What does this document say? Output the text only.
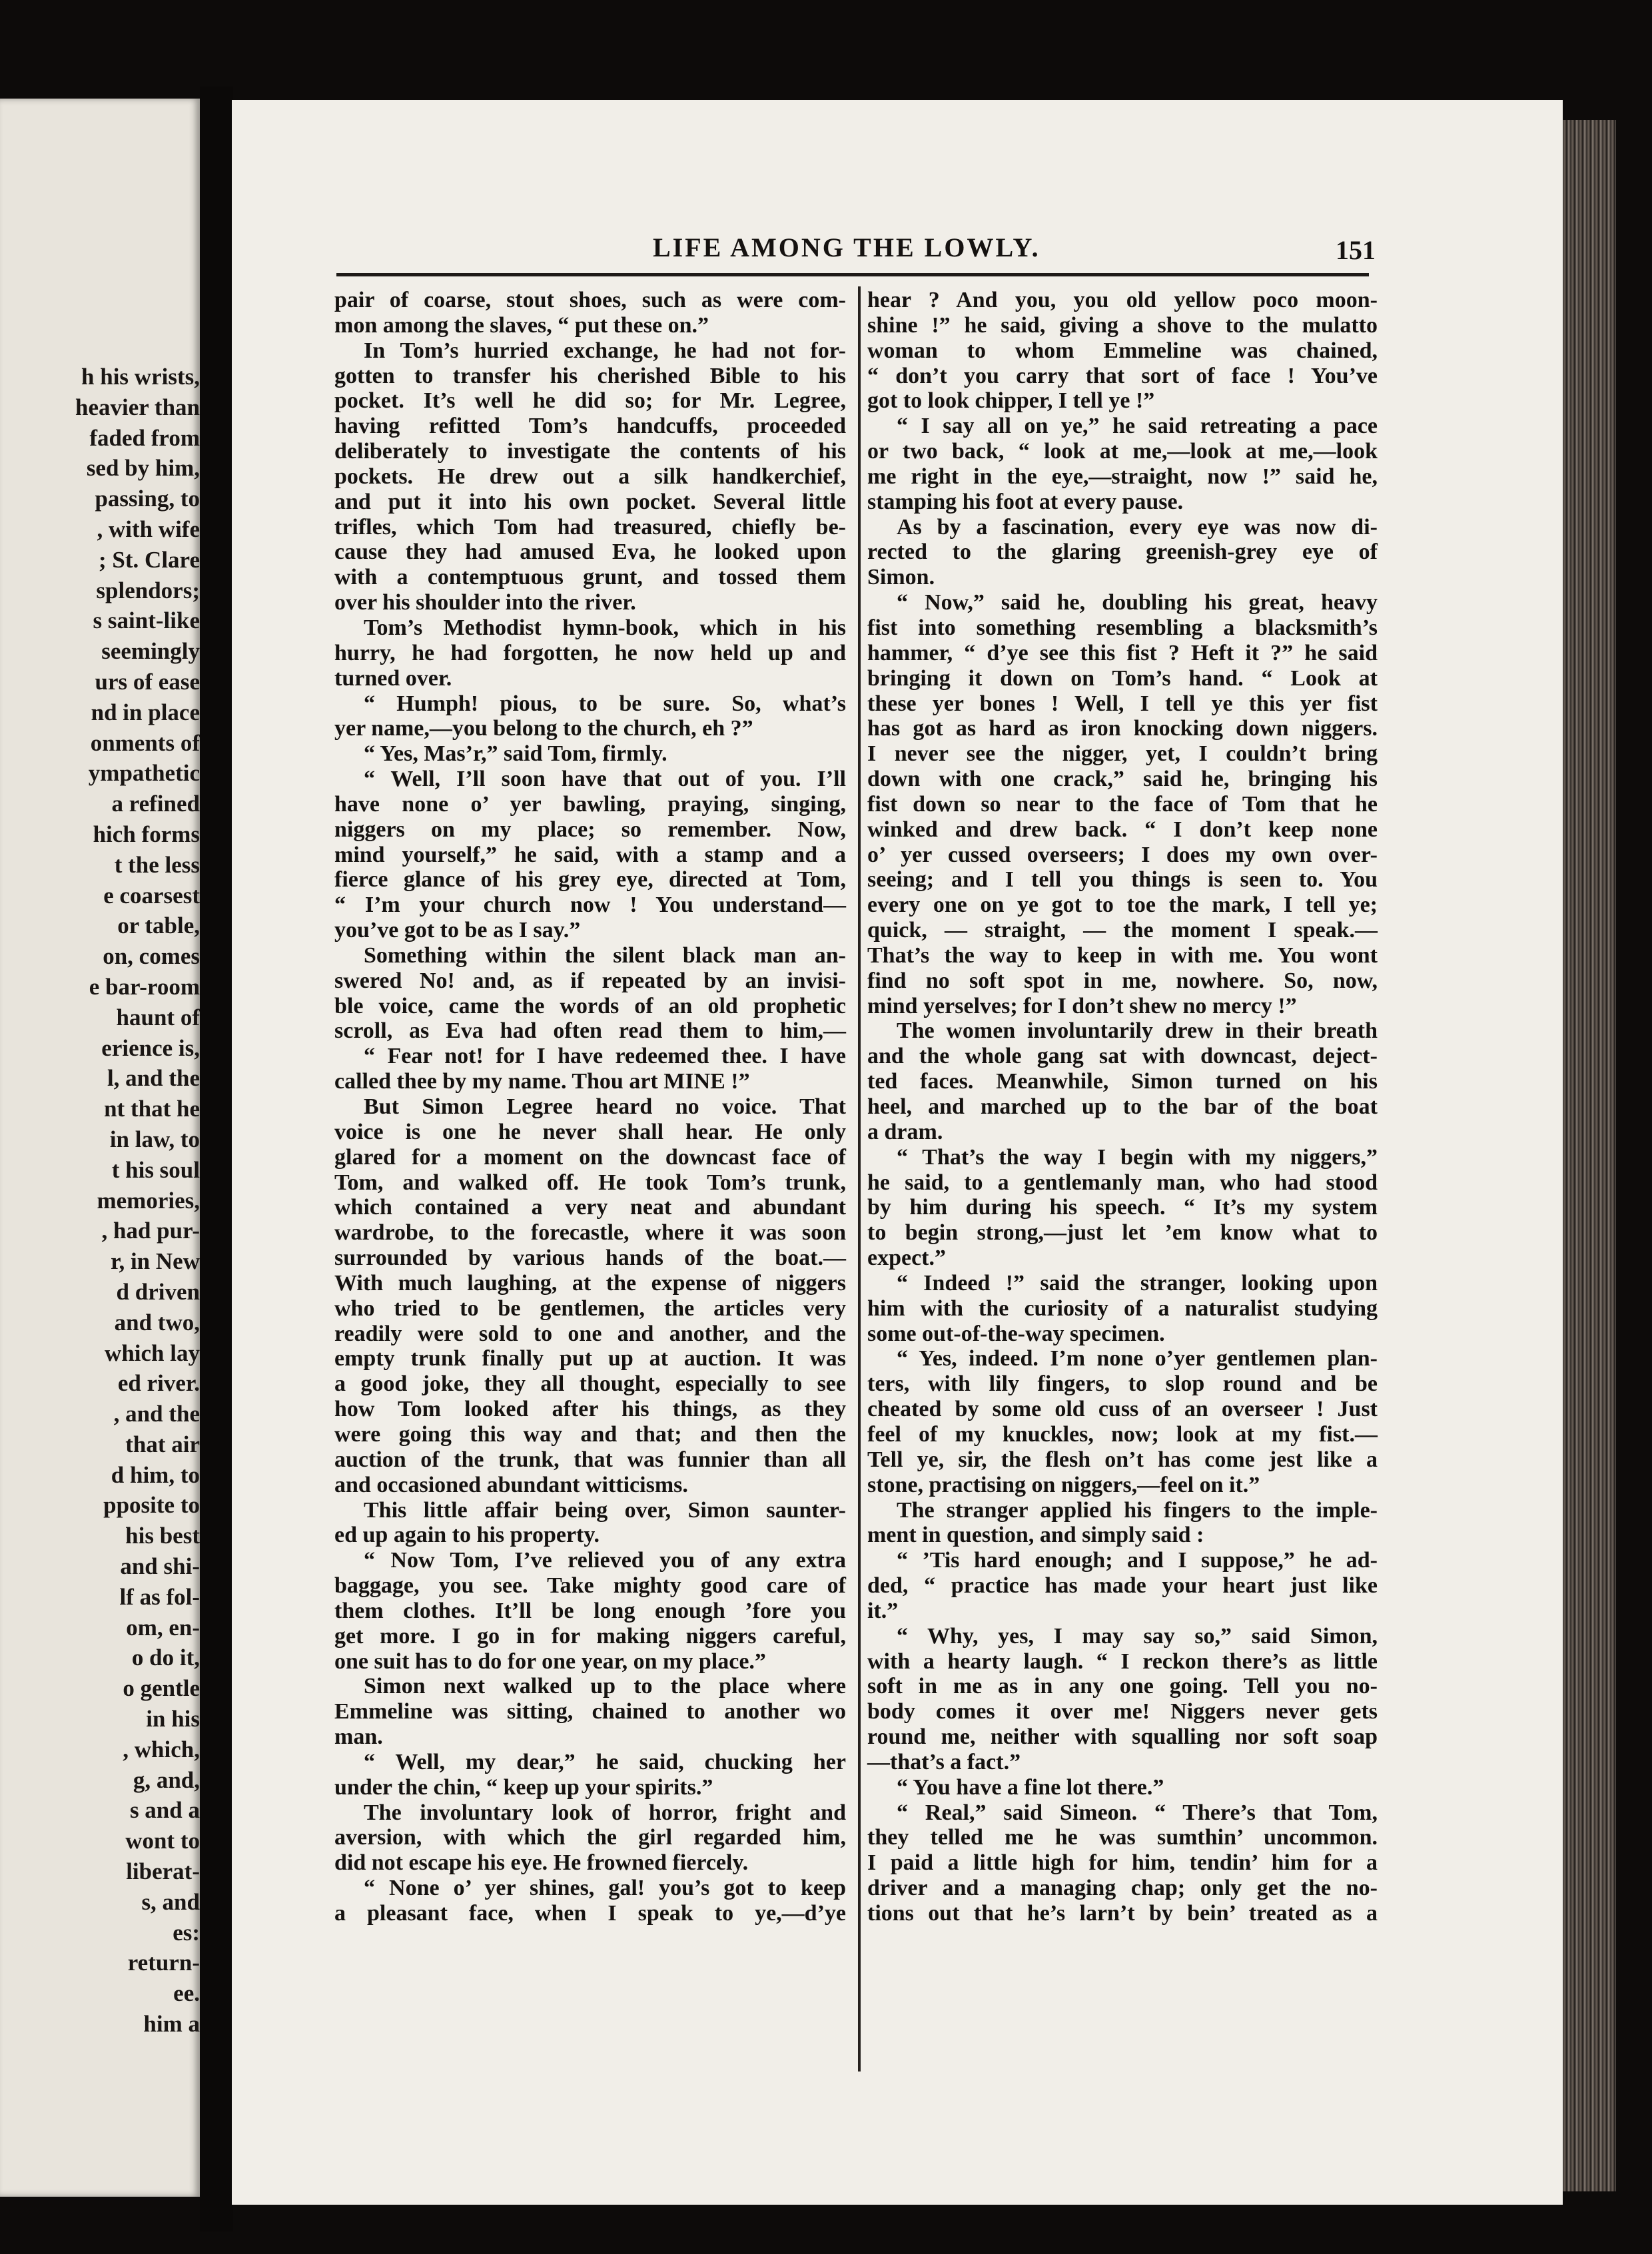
h his wrists,
heavier than
faded from
sed by him,
passing, to
, with wife
; St. Clare
splendors;
s saint-like
seemingly
urs of ease
nd in place
onments of
ympathetic
a refined
hich forms
t the less
e coarsest
or table,
on, comes
e bar-room
haunt of
erience is,
l, and the
nt that he
in law, to
t his soul
memories,
, had pur-
r, in New
d driven
and two,
which lay
ed river.
, and the
that air
d him, to
pposite to
his best
and shi-
lf as fol-
om, en-
o do it,
o gentle
in his
, which,
g, and,
s and a
wont to
liberat-
s, and
es:
return-
ee.
him a
LIFE AMONG THE LOWLY.	151
pair of coarse, stout shoes, such as were com-
mon among the slaves, “ put these on.”
In Tom’s hurried exchange, he had not for-
gotten to transfer his cherished Bible to his
pocket. It’s well he did so; for Mr. Legree,
having refitted Tom’s handcuffs, proceeded
deliberately to investigate the contents of his
pockets. He drew out a silk handkerchief,
and put it into his own pocket. Several little
trifles, which Tom had treasured, chiefly be-
cause they had amused Eva, he looked upon
with a contemptuous grunt, and tossed them
over his shoulder into the river.
Tom’s Methodist hymn-book, which in his
hurry, he had forgotten, he now held up and
turned over.
“ Humph! pious, to be sure. So, what’s
yer name,—you belong to the church, eh ?”
“ Yes, Mas’r,” said Tom, firmly.
“ Well, I’ll soon have that out of you. I’ll
have none o’ yer bawling, praying, singing,
niggers on my place; so remember. Now,
mind yourself,” he said, with a stamp and a
fierce glance of his grey eye, directed at Tom,
“ I’m your church now ! You understand—
you’ve got to be as I say.”
Something within the silent black man an-
swered No! and, as if repeated by an invisi-
ble voice, came the words of an old prophetic
scroll, as Eva had often read them to him,—
“ Fear not! for I have redeemed thee. I have
called thee by my name. Thou art MINE !”
But Simon Legree heard no voice. That
voice is one he never shall hear. He only
glared for a moment on the downcast face of
Tom, and walked off. He took Tom’s trunk,
which contained a very neat and abundant
wardrobe, to the forecastle, where it was soon
surrounded by various hands of the boat.—
With much laughing, at the expense of niggers
who tried to be gentlemen, the articles very
readily were sold to one and another, and the
empty trunk finally put up at auction. It was
a good joke, they all thought, especially to see
how Tom looked after his things, as they
were going this way and that; and then the
auction of the trunk, that was funnier than all
and occasioned abundant witticisms.
This little affair being over, Simon saunter-
ed up again to his property.
“ Now Tom, I’ve relieved you of any extra
baggage, you see. Take mighty good care of
them clothes. It’ll be long enough ’fore you
get more. I go in for making niggers careful,
one suit has to do for one year, on my place.”
Simon next walked up to the place where
Emmeline was sitting, chained to another wo
man.
“ Well, my dear,” he said, chucking her
under the chin, “ keep up your spirits.”
The involuntary look of horror, fright and
aversion, with which the girl regarded him,
did not escape his eye. He frowned fiercely.
“ None o’ yer shines, gal! you’s got to keep
a pleasant face, when I speak to ye,—d’ye
hear ? And you, you old yellow poco moon-
shine !” he said, giving a shove to the mulatto
woman to whom Emmeline was chained,
“ don’t you carry that sort of face ! You’ve
got to look chipper, I tell ye !”
“ I say all on ye,” he said retreating a pace
or two back, “ look at me,—look at me,—look
me right in the eye,—straight, now !” said he,
stamping his foot at every pause.
As by a fascination, every eye was now di-
rected to the glaring greenish-grey eye of
Simon.
“ Now,” said he, doubling his great, heavy
fist into something resembling a blacksmith’s
hammer, “ d’ye see this fist ? Heft it ?” he said
bringing it down on Tom’s hand. “ Look at
these yer bones ! Well, I tell ye this yer fist
has got as hard as iron knocking down niggers.
I never see the nigger, yet, I couldn’t bring
down with one crack,” said he, bringing his
fist down so near to the face of Tom that he
winked and drew back. “ I don’t keep none
o’ yer cussed overseers; I does my own over-
seeing; and I tell you things is seen to. You
every one on ye got to toe the mark, I tell ye;
quick, — straight, — the moment I speak.—
That’s the way to keep in with me. You wont
find no soft spot in me, nowhere. So, now,
mind yerselves; for I don’t shew no mercy !”
The women involuntarily drew in their breath
and the whole gang sat with downcast, deject-
ted faces. Meanwhile, Simon turned on his
heel, and marched up to the bar of the boat
a dram.
“ That’s the way I begin with my niggers,”
he said, to a gentlemanly man, who had stood
by him during his speech. “ It’s my system
to begin strong,—just let ’em know what to
expect.”
“ Indeed !” said the stranger, looking upon
him with the curiosity of a naturalist studying
some out-of-the-way specimen.
“ Yes, indeed. I’m none o’yer gentlemen plan-
ters, with lily fingers, to slop round and be
cheated by some old cuss of an overseer ! Just
feel of my knuckles, now; look at my fist.—
Tell ye, sir, the flesh on’t has come jest like a
stone, practising on niggers,—feel on it.”
The stranger applied his fingers to the imple-
ment in question, and simply said :
“ ’Tis hard enough; and I suppose,” he ad-
ded, “ practice has made your heart just like
it.”
“ Why, yes, I may say so,” said Simon,
with a hearty laugh. “ I reckon there’s as little
soft in me as in any one going. Tell you no-
body comes it over me! Niggers never gets
round me, neither with squalling nor soft soap
—that’s a fact.”
“ You have a fine lot there.”
“ Real,” said Simeon. “ There’s that Tom,
they telled me he was sumthin’ uncommon.
I paid a little high for him, tendin’ him for a
driver and a managing chap; only get the no-
tions out that he’s larn’t by bein’ treated as a
